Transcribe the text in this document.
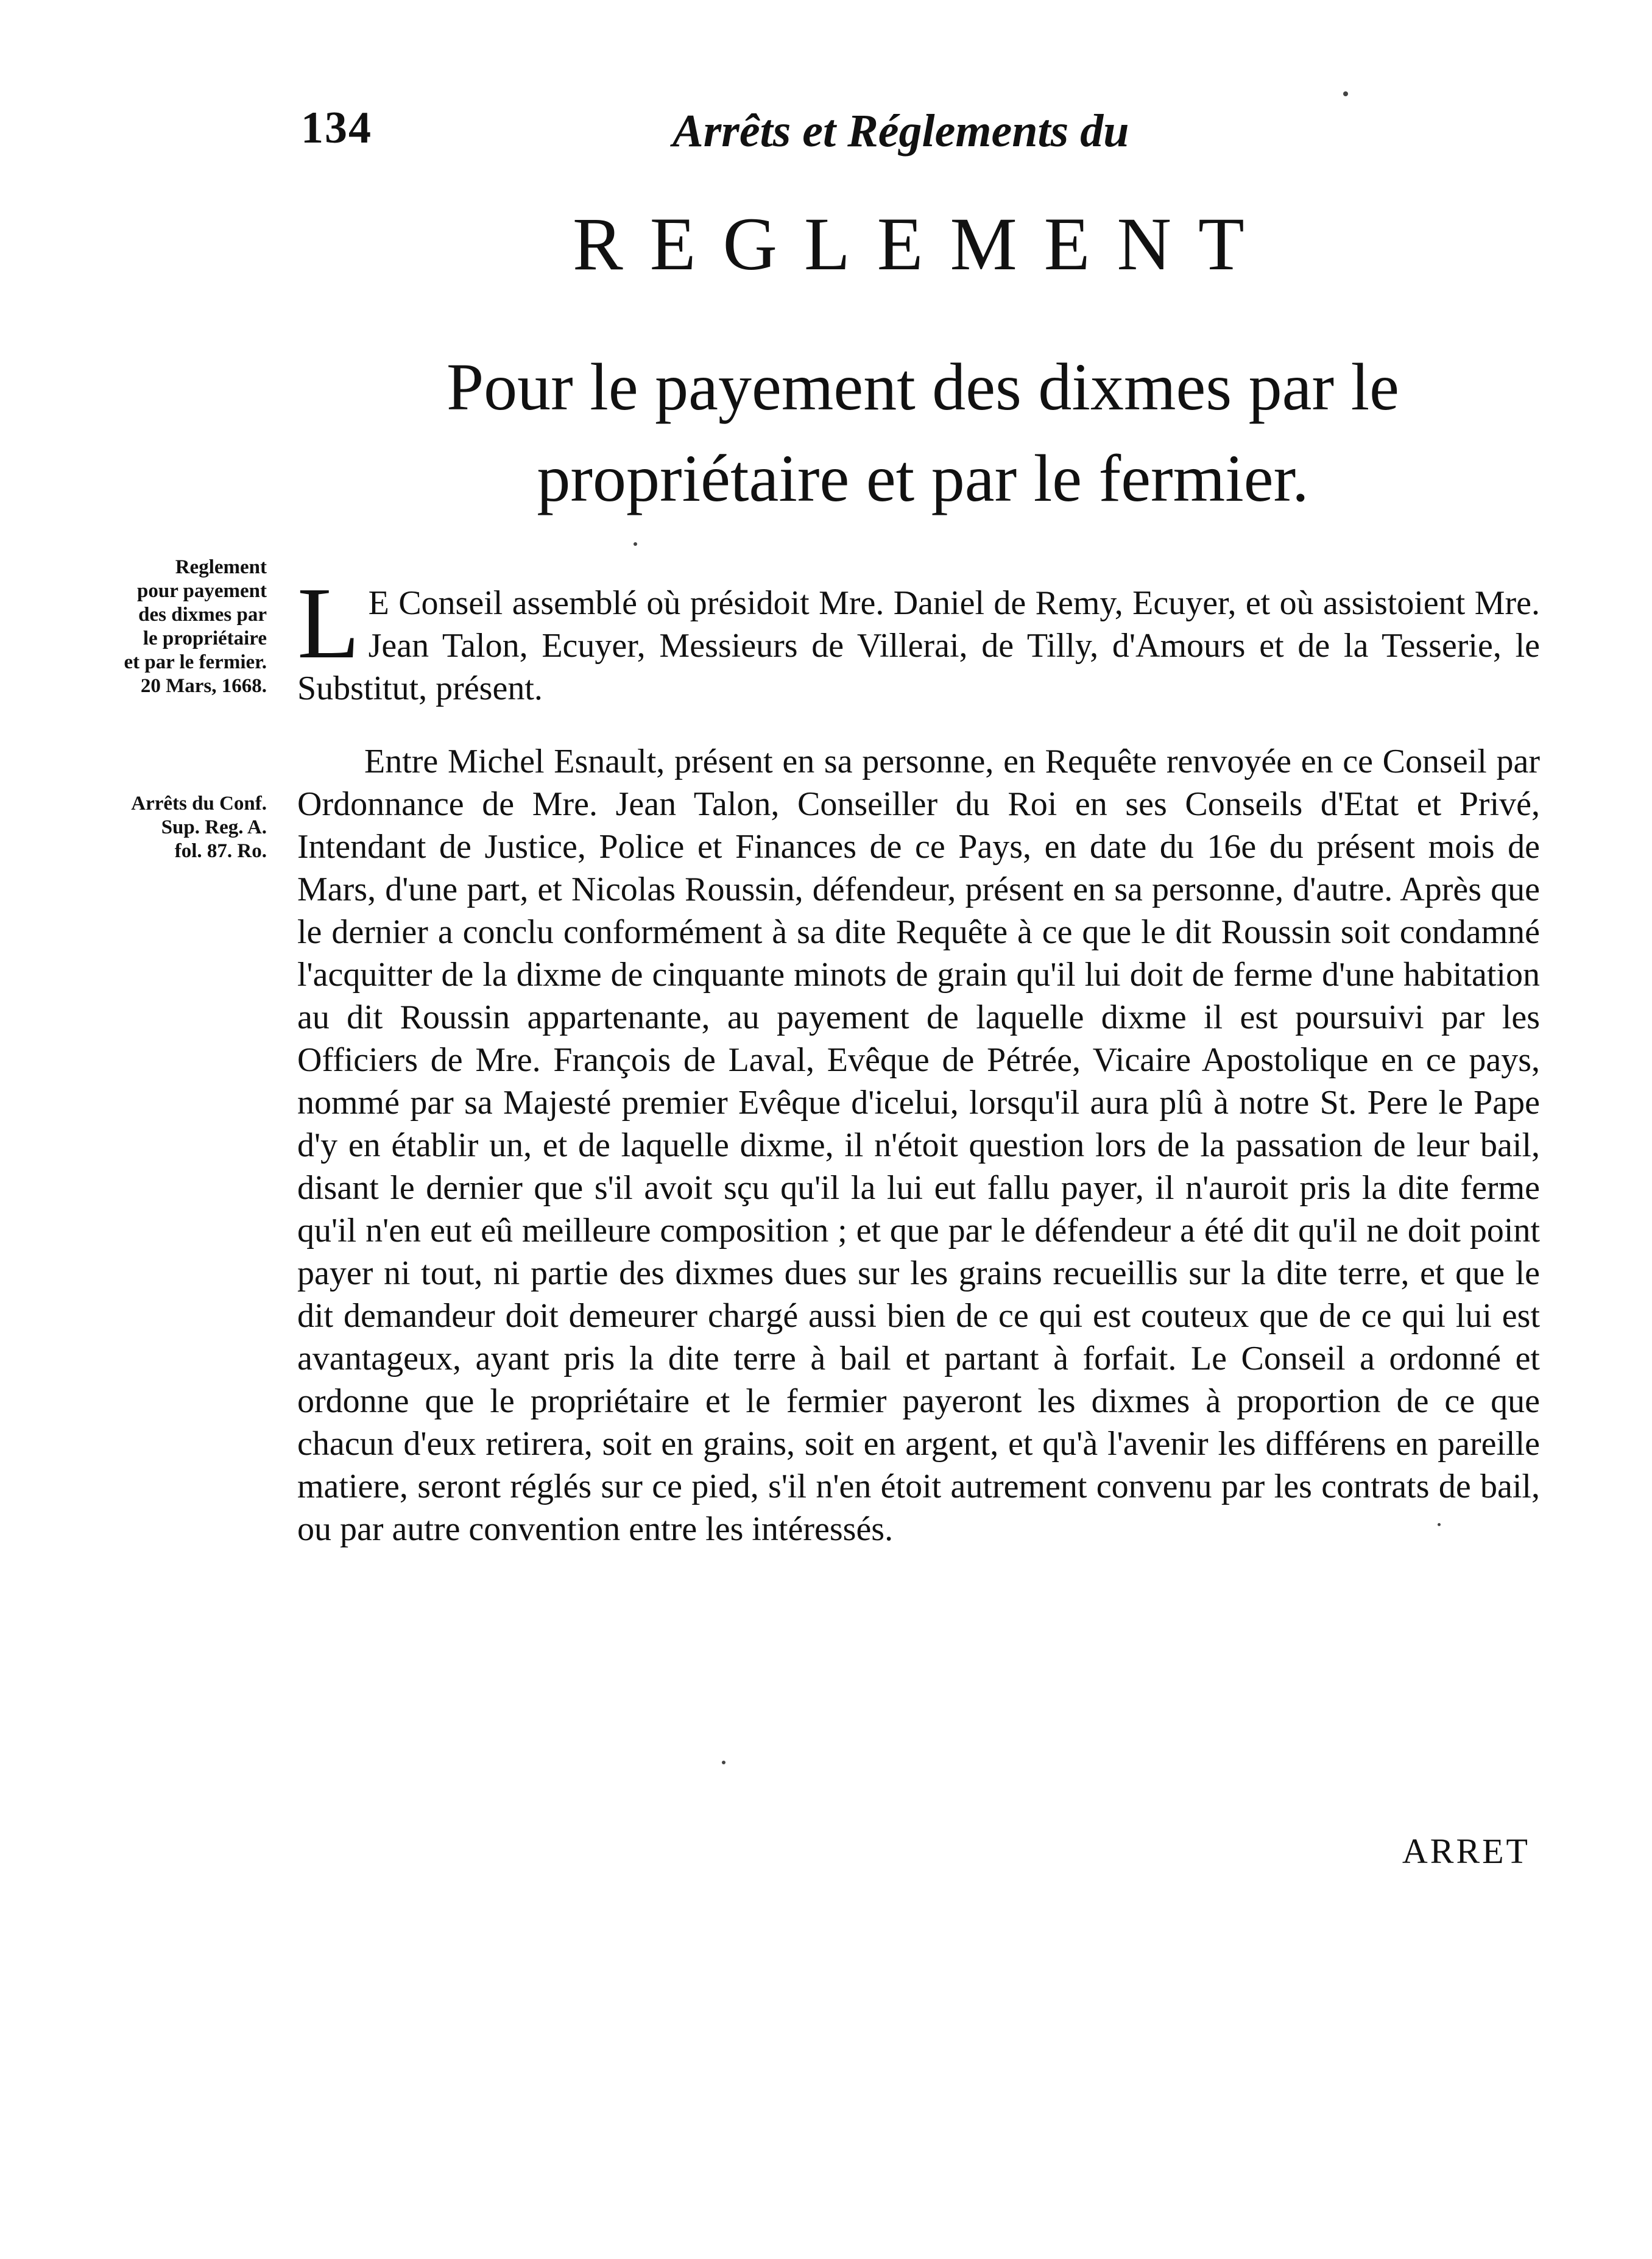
134	Arrêts et Réglements du
REGLEMENT
Pour le payement des dixmes par le propriétaire et par le fermier.
Reglement
pour payement
des dixmes par
le propriétaire
et par le fermier.
20 Mars, 1668.
Arrêts du Conf.
Sup. Reg. A.
fol. 87. Ro.

L E Conseil assemblé où présidoit Mre. Daniel de Remy, Ecuyer, et où assistoient Mre. Jean Talon, Ecuyer, Messieurs de Villerai, de Tilly, d'Amours et de la Tesserie, le Substitut, présent.

Entre Michel Esnault, présent en sa personne, en Requête renvoyée en ce Conseil par Ordonnance de Mre. Jean Talon, Conseiller du Roi en ses Conseils d'Etat et Privé, Intendant de Justice, Police et Finances de ce Pays, en date du 16e du présent mois de Mars, d'une part, et Nicolas Roussin, défendeur, présent en sa personne, d'autre. Après que le dernier a conclu conformément à sa dite Requête à ce que le dit Roussin soit condamné l'acquitter de la dixme de cinquante minots de grain qu'il lui doit de ferme d'une habitation au dit Roussin appartenante, au payement de laquelle dixme il est poursuivi par les Officiers de Mre. François de Laval, Evêque de Pétrée, Vicaire Apostolique en ce pays, nommé par sa Majesté premier Evêque d'icelui, lorsqu'il aura plû à notre St. Pere le Pape d'y en établir un, et de laquelle dixme, il n'étoit question lors de la passation de leur bail, disant le dernier que s'il avoit sçu qu'il la lui eut fallu payer, il n'auroit pris la dite ferme qu'il n'en eut eû meilleure composition ; et que par le défendeur a été dit qu'il ne doit point payer ni tout, ni partie des dixmes dues sur les grains recueillis sur la dite terre, et que le dit demandeur doit demeurer chargé aussi bien de ce qui est couteux que de ce qui lui est avantageux, ayant pris la dite terre à bail et partant à forfait. Le Conseil a ordonné et ordonne que le propriétaire et le fermier payeront les dixmes à proportion de ce que chacun d'eux retirera, soit en grains, soit en argent, et qu'à l'avenir les différens en pareille matiere, seront réglés sur ce pied, s'il n'en étoit autrement convenu par les contrats de bail, ou par autre convention entre les intéressés.

ARRET
